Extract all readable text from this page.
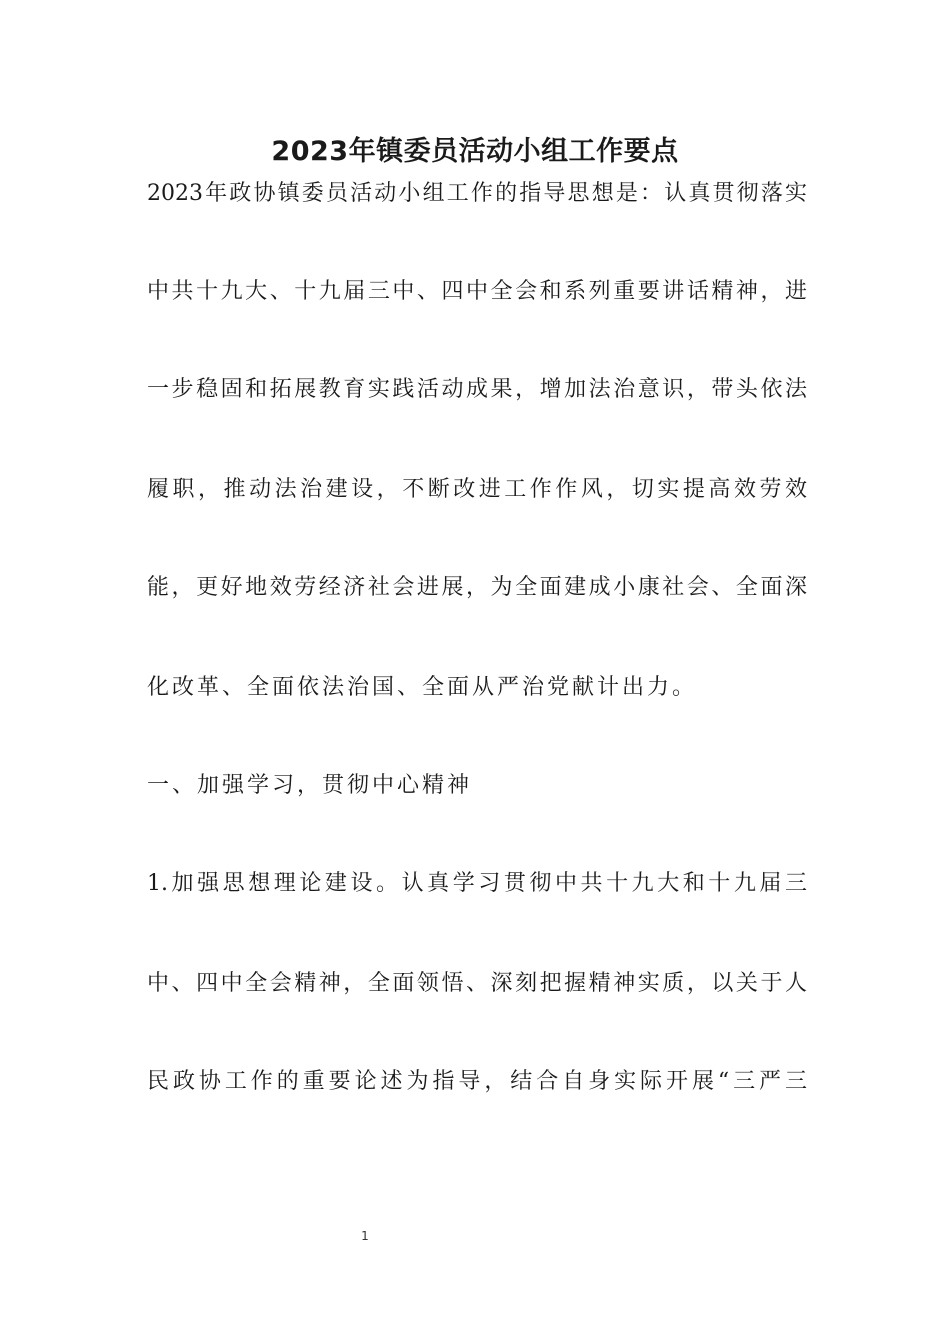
2023年镇委员活动小组工作要点

2023年政协镇委员活动小组工作的指导思想是：认真贯彻落实

中共十九大、十九届三中、四中全会和系列重要讲话精神，进

一步稳固和拓展教育实践活动成果，增加法治意识，带头依法

履职，推动法治建设，不断改进工作作风，切实提高效劳效

能，更好地效劳经济社会进展，为全面建成小康社会、全面深

化改革、全面依法治国、全面从严治党献计出力。

一、加强学习，贯彻中心精神

1.加强思想理论建设。认真学习贯彻中共十九大和十九届三

中、四中全会精神，全面领悟、深刻把握精神实质，以关于人

民政协工作的重要论述为指导，结合自身实际开展“三严三

1
